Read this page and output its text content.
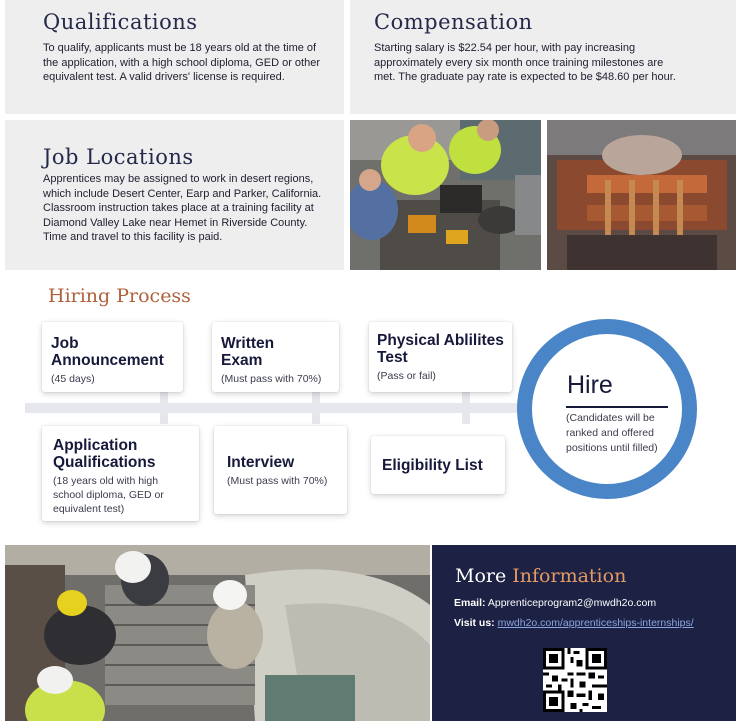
Qualifications

To qualify, applicants must be 18 years old at the time of the application, with a high school diploma, GED or other equivalent test. A valid drivers' license is required.

Compensation

Starting salary is $22.54 per hour, with pay increasing approximately every six month once training milestones are met. The graduate pay rate is expected to be $48.60 per hour.

Job Locations

Apprentices may be assigned to work in desert regions, which include Desert Center, Earp and Parker, California. Classroom instruction takes place at a training facility at Diamond Valley Lake near Hemet in Riverside County. Time and travel to this facility is paid.

Hiring Process
Job Announcement
(45 days)
Written Exam
(Must pass with 70%)
Physical Ablilites Test
(Pass or fail)
Application Qualifications
(18 years old with high school diploma, GED or equivalent test)
Interview
(Must pass with 70%)
Eligibility List
Hire
(Candidates will be ranked and offered positions until filled)
More Information
Email: Apprenticeprogram2@mwdh2o.com
Visit us: mwdh2o.com/apprenticeships-internships/
